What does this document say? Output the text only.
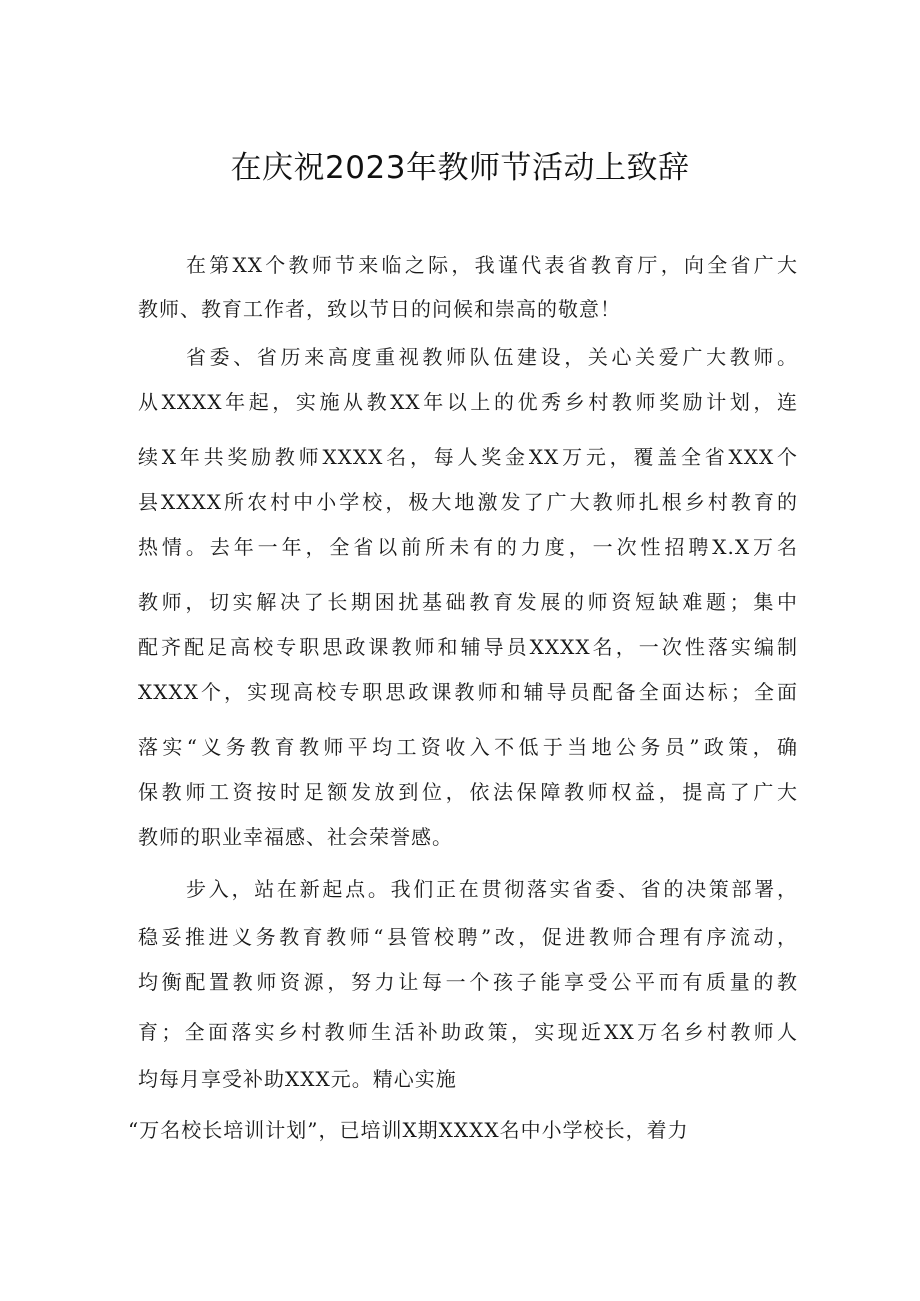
在庆祝2023年教师节活动上致辞
在第XX个教师节来临之际，我谨代表省教育厅，向全省广大
教师、教育工作者，致以节日的问候和崇高的敬意！
省委、省历来高度重视教师队伍建设，关心关爱广大教师。
从XXXX年起，实施从教XX年以上的优秀乡村教师奖励计划，连
续X年共奖励教师XXXX名，每人奖金XX万元，覆盖全省XXX个
县XXXX所农村中小学校，极大地激发了广大教师扎根乡村教育的
热情。去年一年，全省以前所未有的力度，一次性招聘X.X万名
教师，切实解决了长期困扰基础教育发展的师资短缺难题；集中
配齐配足高校专职思政课教师和辅导员XXXX名，一次性落实编制
XXXX个，实现高校专职思政课教师和辅导员配备全面达标；全面
落实“义务教育教师平均工资收入不低于当地公务员”政策，确
保教师工资按时足额发放到位，依法保障教师权益，提高了广大
教师的职业幸福感、社会荣誉感。
步入，站在新起点。我们正在贯彻落实省委、省的决策部署，
稳妥推进义务教育教师“县管校聘”改，促进教师合理有序流动，
均衡配置教师资源，努力让每一个孩子能享受公平而有质量的教
育；全面落实乡村教师生活补助政策，实现近XX万名乡村教师人
均每月享受补助XXX元。精心实施
“万名校长培训计划”，已培训X期XXXX名中小学校长，着力
